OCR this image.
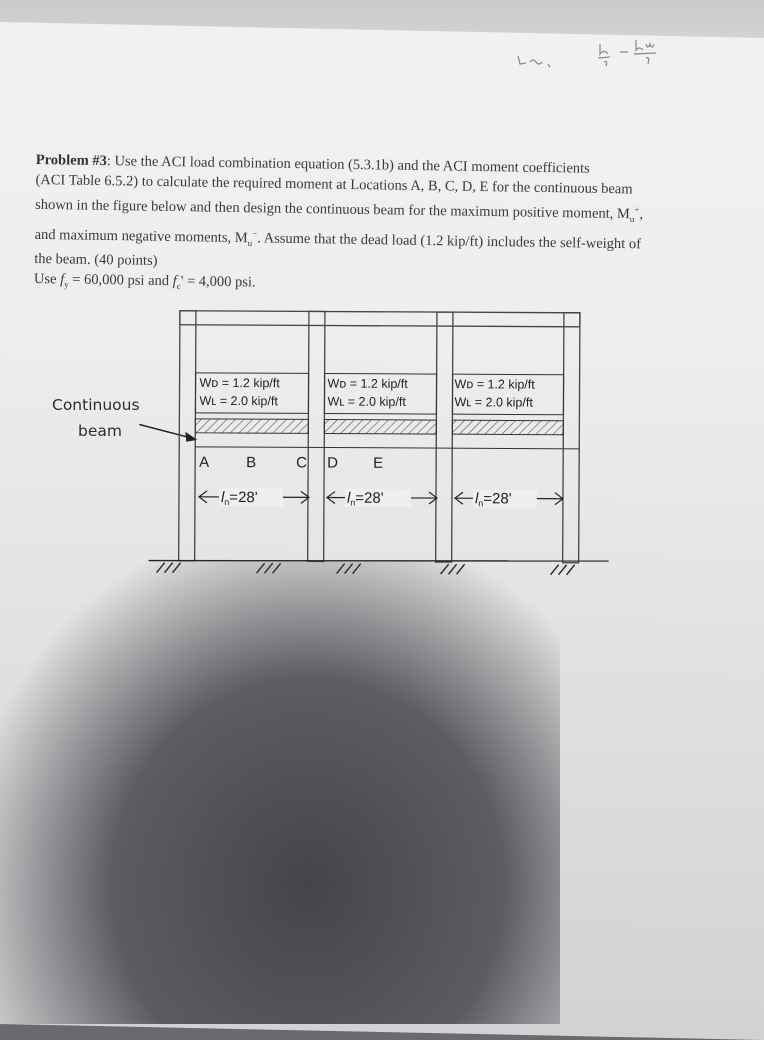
Problem #3: Use the ACI load combination equation (5.3.1b) and the ACI moment coefficients
(ACI Table 6.5.2) to calculate the required moment at Locations A, B, C, D, E for the continuous beam
shown in the figure below and then design the continuous beam for the maximum positive moment, $M_u^+$,
and maximum negative moments, $M_u^-$. Assume that the dead load (1.2 kip/ft) includes the self-weight of
the beam. (40 points)
Use $f_y = 60,000$ psi and $f_c' = 4,000$ psi.
Continuous
beam
Wᴅ = 1.2 kip/ft
Wʟ = 2.0 kip/ft
Wᴅ = 1.2 kip/ft
Wʟ = 2.0 kip/ft
Wᴅ = 1.2 kip/ft
Wʟ = 2.0 kip/ft
A B	C D E
$l_n=28'$	$l_n=28'$	$l_n=28'$
